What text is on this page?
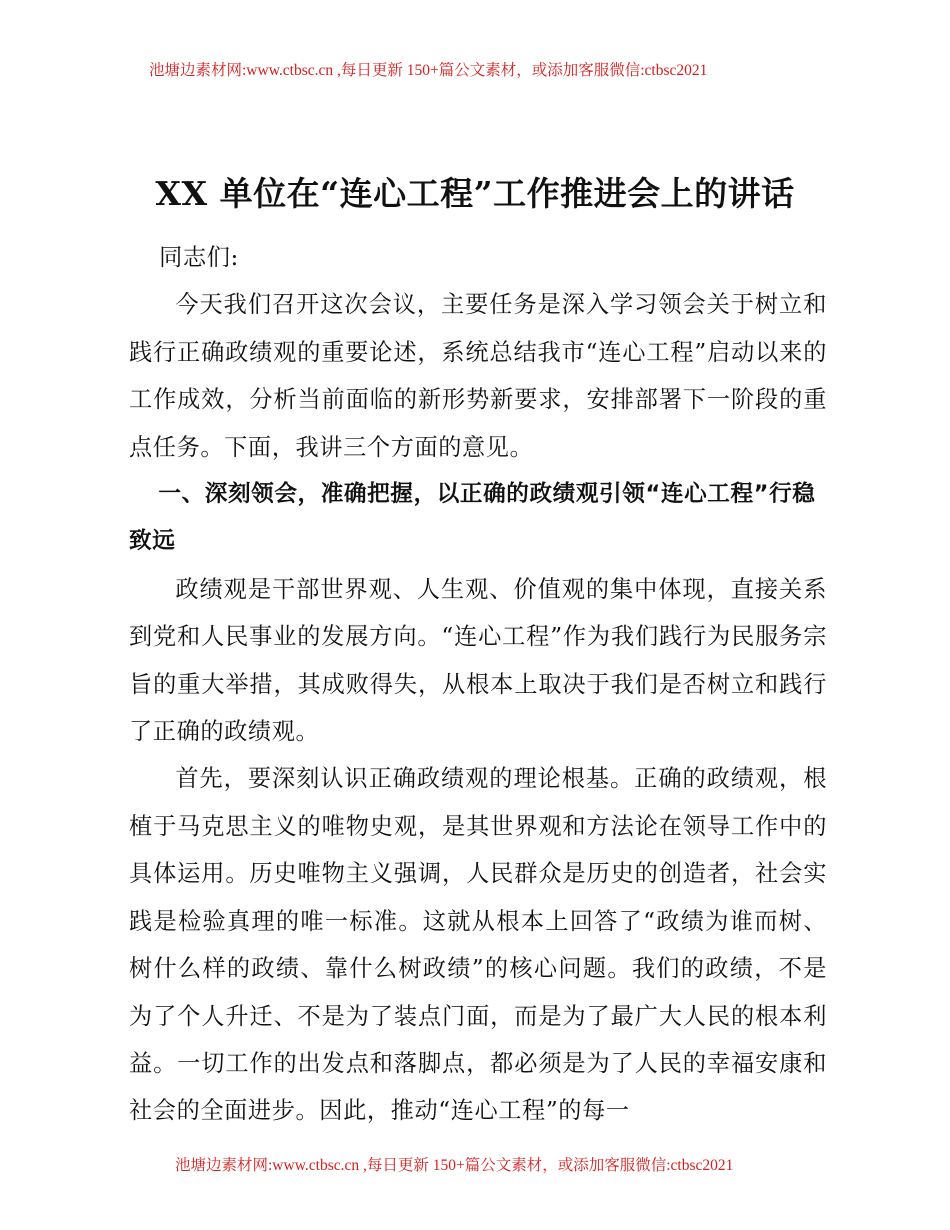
池塘边素材网:www.ctbsc.cn ,每日更新 150+篇公文素材，或添加客服微信:ctbsc2021
XX 单位在“连心工程”工作推进会上的讲话

同志们:

今天我们召开这次会议，主要任务是深入学习领会关于树立和践行正确政绩观的重要论述，系统总结我市“连心工程”启动以来的工作成效，分析当前面临的新形势新要求，安排部署下一阶段的重点任务。下面，我讲三个方面的意见。

一、深刻领会，准确把握，以正确的政绩观引领“连心工程”行稳致远

政绩观是干部世界观、人生观、价值观的集中体现，直接关系到党和人民事业的发展方向。“连心工程”作为我们践行为民服务宗旨的重大举措，其成败得失，从根本上取决于我们是否树立和践行了正确的政绩观。

首先，要深刻认识正确政绩观的理论根基。正确的政绩观，根植于马克思主义的唯物史观，是其世界观和方法论在领导工作中的具体运用。历史唯物主义强调，人民群众是历史的创造者，社会实践是检验真理的唯一标准。这就从根本上回答了“政绩为谁而树、树什么样的政绩、靠什么树政绩”的核心问题。我们的政绩，不是为了个人升迁、不是为了装点门面，而是为了最广大人民的根本利益。一切工作的出发点和落脚点，都必须是为了人民的幸福安康和社会的全面进步。因此，推动“连心工程”的每一

池塘边素材网:www.ctbsc.cn ,每日更新 150+篇公文素材，或添加客服微信:ctbsc2021
